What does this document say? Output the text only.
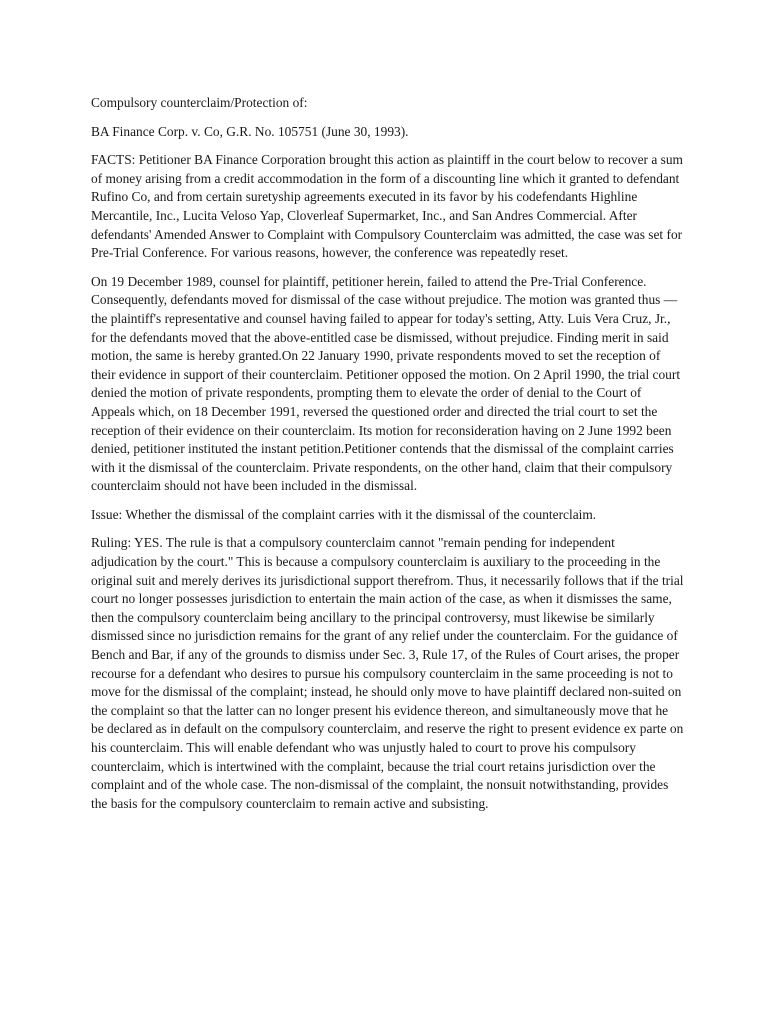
Compulsory counterclaim/Protection of:

BA Finance Corp. v. Co, G.R. No. 105751 (June 30, 1993).

FACTS: Petitioner BA Finance Corporation brought this action as plaintiff in the court below to recover a sum of money arising from a credit accommodation in the form of a discounting line which it granted to defendant Rufino Co, and from certain suretyship agreements executed in its favor by his codefendants Highline Mercantile, Inc., Lucita Veloso Yap, Cloverleaf Supermarket, Inc., and San Andres Commercial. After defendants' Amended Answer to Complaint with Compulsory Counterclaim was admitted, the case was set for Pre-Trial Conference. For various reasons, however, the conference was repeatedly reset.

On 19 December 1989, counsel for plaintiff, petitioner herein, failed to attend the Pre-Trial Conference. Consequently, defendants moved for dismissal of the case without prejudice. The motion was granted thus —the plaintiff's representative and counsel having failed to appear for today's setting, Atty. Luis Vera Cruz, Jr., for the defendants moved that the above-entitled case be dismissed, without prejudice. Finding merit in said motion, the same is hereby granted.On 22 January 1990, private respondents moved to set the reception of their evidence in support of their counterclaim. Petitioner opposed the motion. On 2 April 1990, the trial court denied the motion of private respondents, prompting them to elevate the order of denial to the Court of Appeals which, on 18 December 1991, reversed the questioned order and directed the trial court to set the reception of their evidence on their counterclaim. Its motion for reconsideration having on 2 June 1992 been denied, petitioner instituted the instant petition.Petitioner contends that the dismissal of the complaint carries with it the dismissal of the counterclaim. Private respondents, on the other hand, claim that their compulsory counterclaim should not have been included in the dismissal.

Issue: Whether the dismissal of the complaint carries with it the dismissal of the counterclaim.

Ruling: YES. The rule is that a compulsory counterclaim cannot "remain pending for independent adjudication by the court." This is because a compulsory counterclaim is auxiliary to the proceeding in the original suit and merely derives its jurisdictional support therefrom. Thus, it necessarily follows that if the trial court no longer possesses jurisdiction to entertain the main action of the case, as when it dismisses the same, then the compulsory counterclaim being ancillary to the principal controversy, must likewise be similarly dismissed since no jurisdiction remains for the grant of any relief under the counterclaim. For the guidance of Bench and Bar, if any of the grounds to dismiss under Sec. 3, Rule 17, of the Rules of Court arises, the proper recourse for a defendant who desires to pursue his compulsory counterclaim in the same proceeding is not to move for the dismissal of the complaint; instead, he should only move to have plaintiff declared non-suited on the complaint so that the latter can no longer present his evidence thereon, and simultaneously move that he be declared as in default on the compulsory counterclaim, and reserve the right to present evidence ex parte on his counterclaim. This will enable defendant who was unjustly haled to court to prove his compulsory counterclaim, which is intertwined with the complaint, because the trial court retains jurisdiction over the complaint and of the whole case. The non-dismissal of the complaint, the nonsuit notwithstanding, provides the basis for the compulsory counterclaim to remain active and subsisting.
